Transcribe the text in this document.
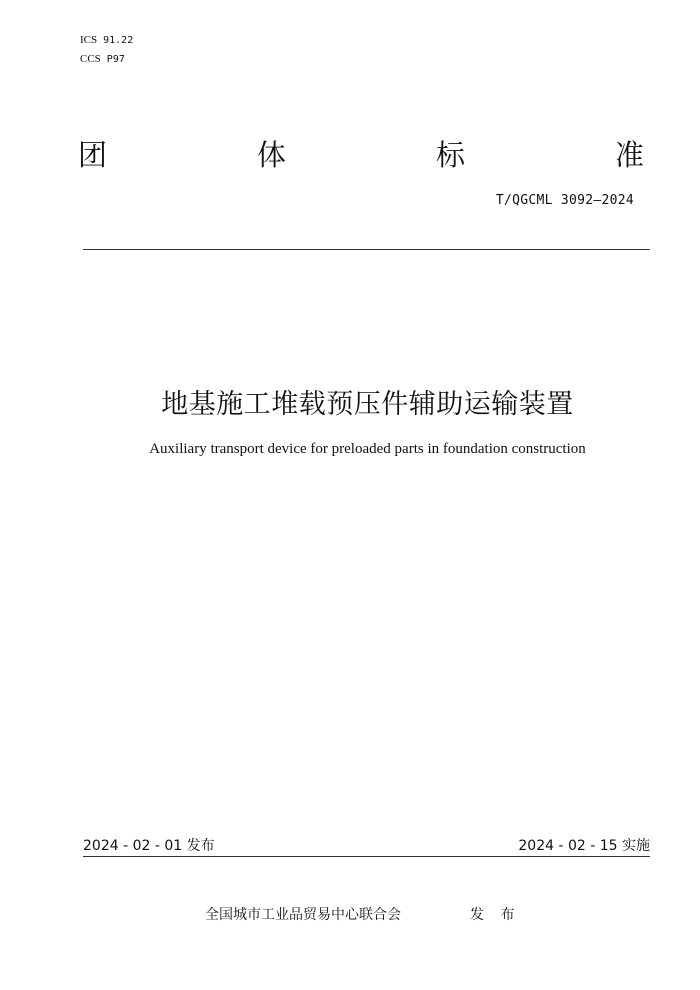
ICS 91.22
CCS P97
团	体	标	准
T/QGCML 3092—2024
地基施工堆载预压件辅助运输装置
Auxiliary transport device for preloaded parts in foundation construction
2024 - 02 - 01 发布	2024 - 02 - 15 实施
全国城市工业品贸易中心联合会	发 布
